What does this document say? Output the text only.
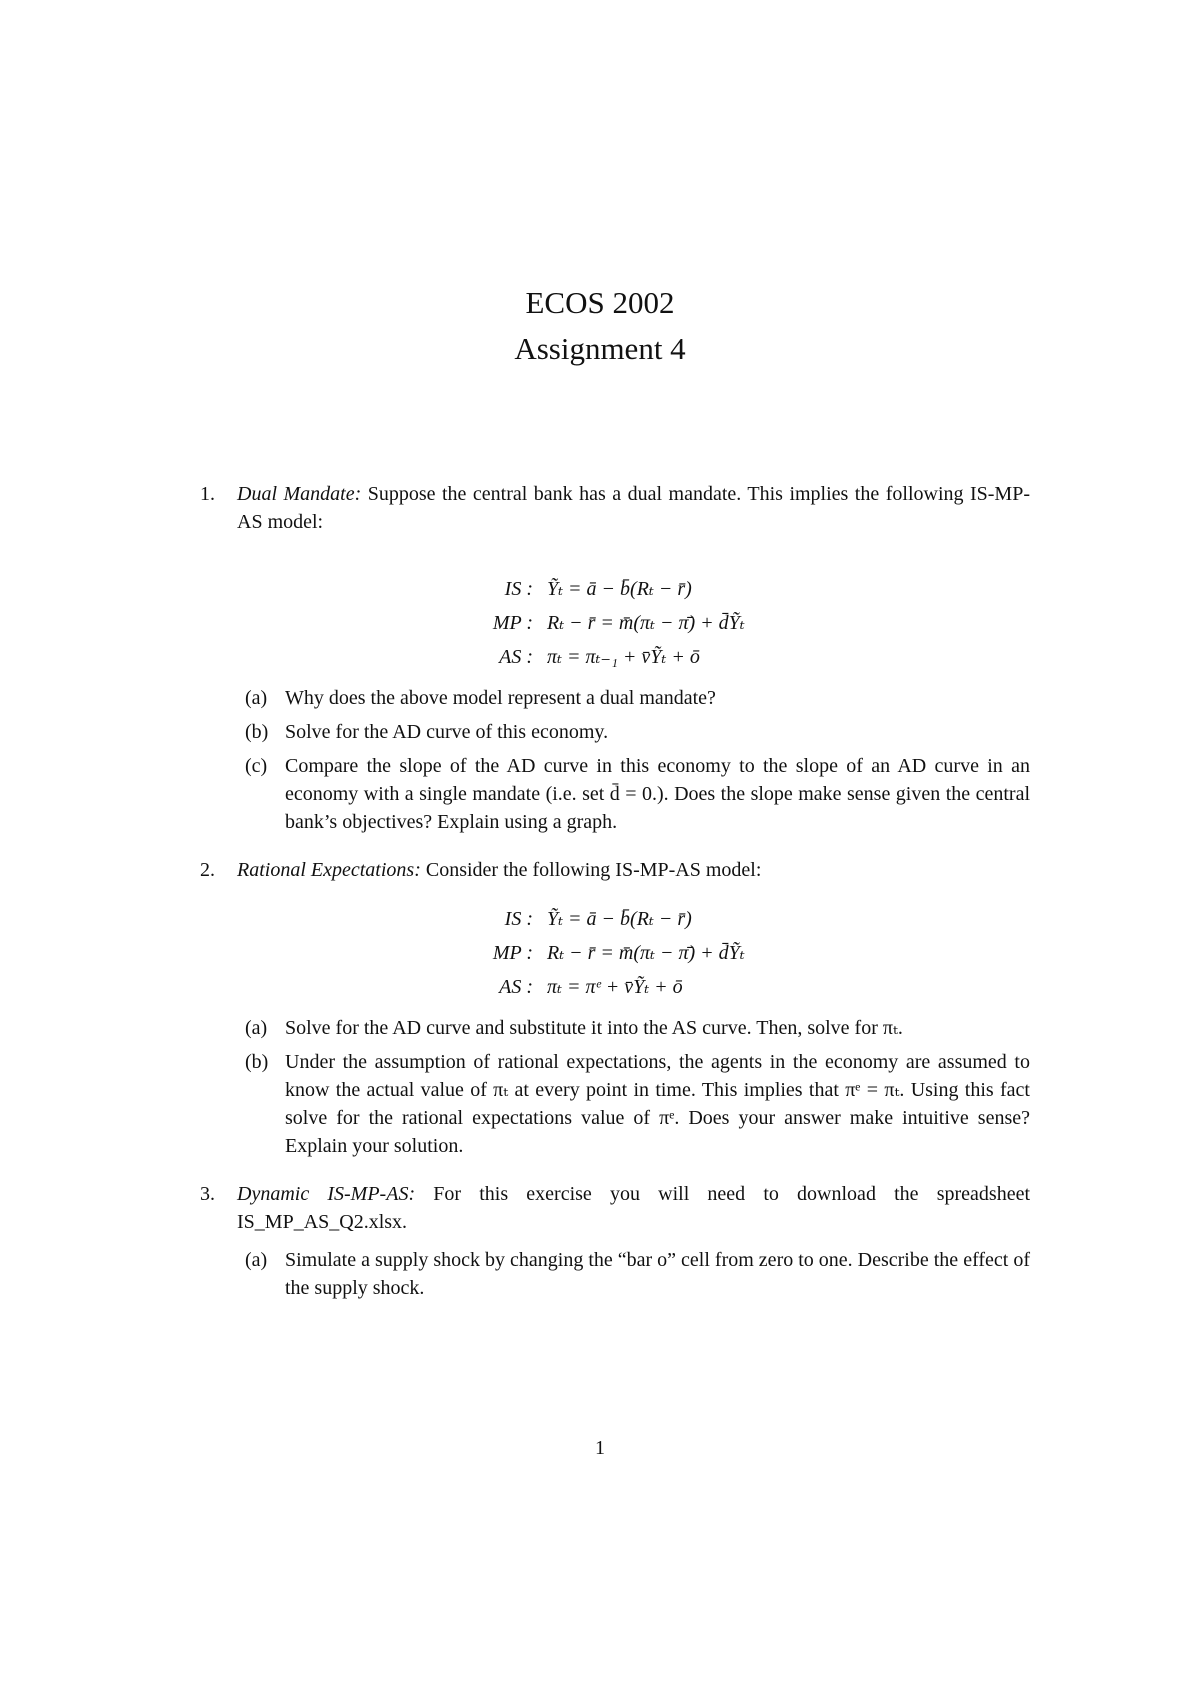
ECOS 2002
Assignment 4
1. Dual Mandate: Suppose the central bank has a dual mandate. This implies the following IS-MP-AS model:
IS : Ỹₜ = ā − b̄(Rₜ − r̄)
MP : Rₜ − r̄ = m̄(πₜ − π̄) + d̄Ỹₜ
AS : πₜ = πₜ₋₁ + v̄Ỹₜ + ō
(a) Why does the above model represent a dual mandate?
(b) Solve for the AD curve of this economy.
(c) Compare the slope of the AD curve in this economy to the slope of an AD curve in an economy with a single mandate (i.e. set d̄ = 0.). Does the slope make sense given the central bank’s objectives? Explain using a graph.
2. Rational Expectations: Consider the following IS-MP-AS model:
IS : Ỹₜ = ā − b̄(Rₜ − r̄)
MP : Rₜ − r̄ = m̄(πₜ − π̄) + d̄Ỹₜ
AS : πₜ = πᵉ + v̄Ỹₜ + ō
(a) Solve for the AD curve and substitute it into the AS curve. Then, solve for πₜ.
(b) Under the assumption of rational expectations, the agents in the economy are assumed to know the actual value of πₜ at every point in time. This implies that πᵉ = πₜ. Using this fact solve for the rational expectations value of πᵉ. Does your answer make intuitive sense? Explain your solution.
3. Dynamic IS-MP-AS: For this exercise you will need to download the spreadsheet IS_MP_AS_Q2.xlsx.
(a) Simulate a supply shock by changing the “bar o” cell from zero to one. Describe the effect of the supply shock.
1
